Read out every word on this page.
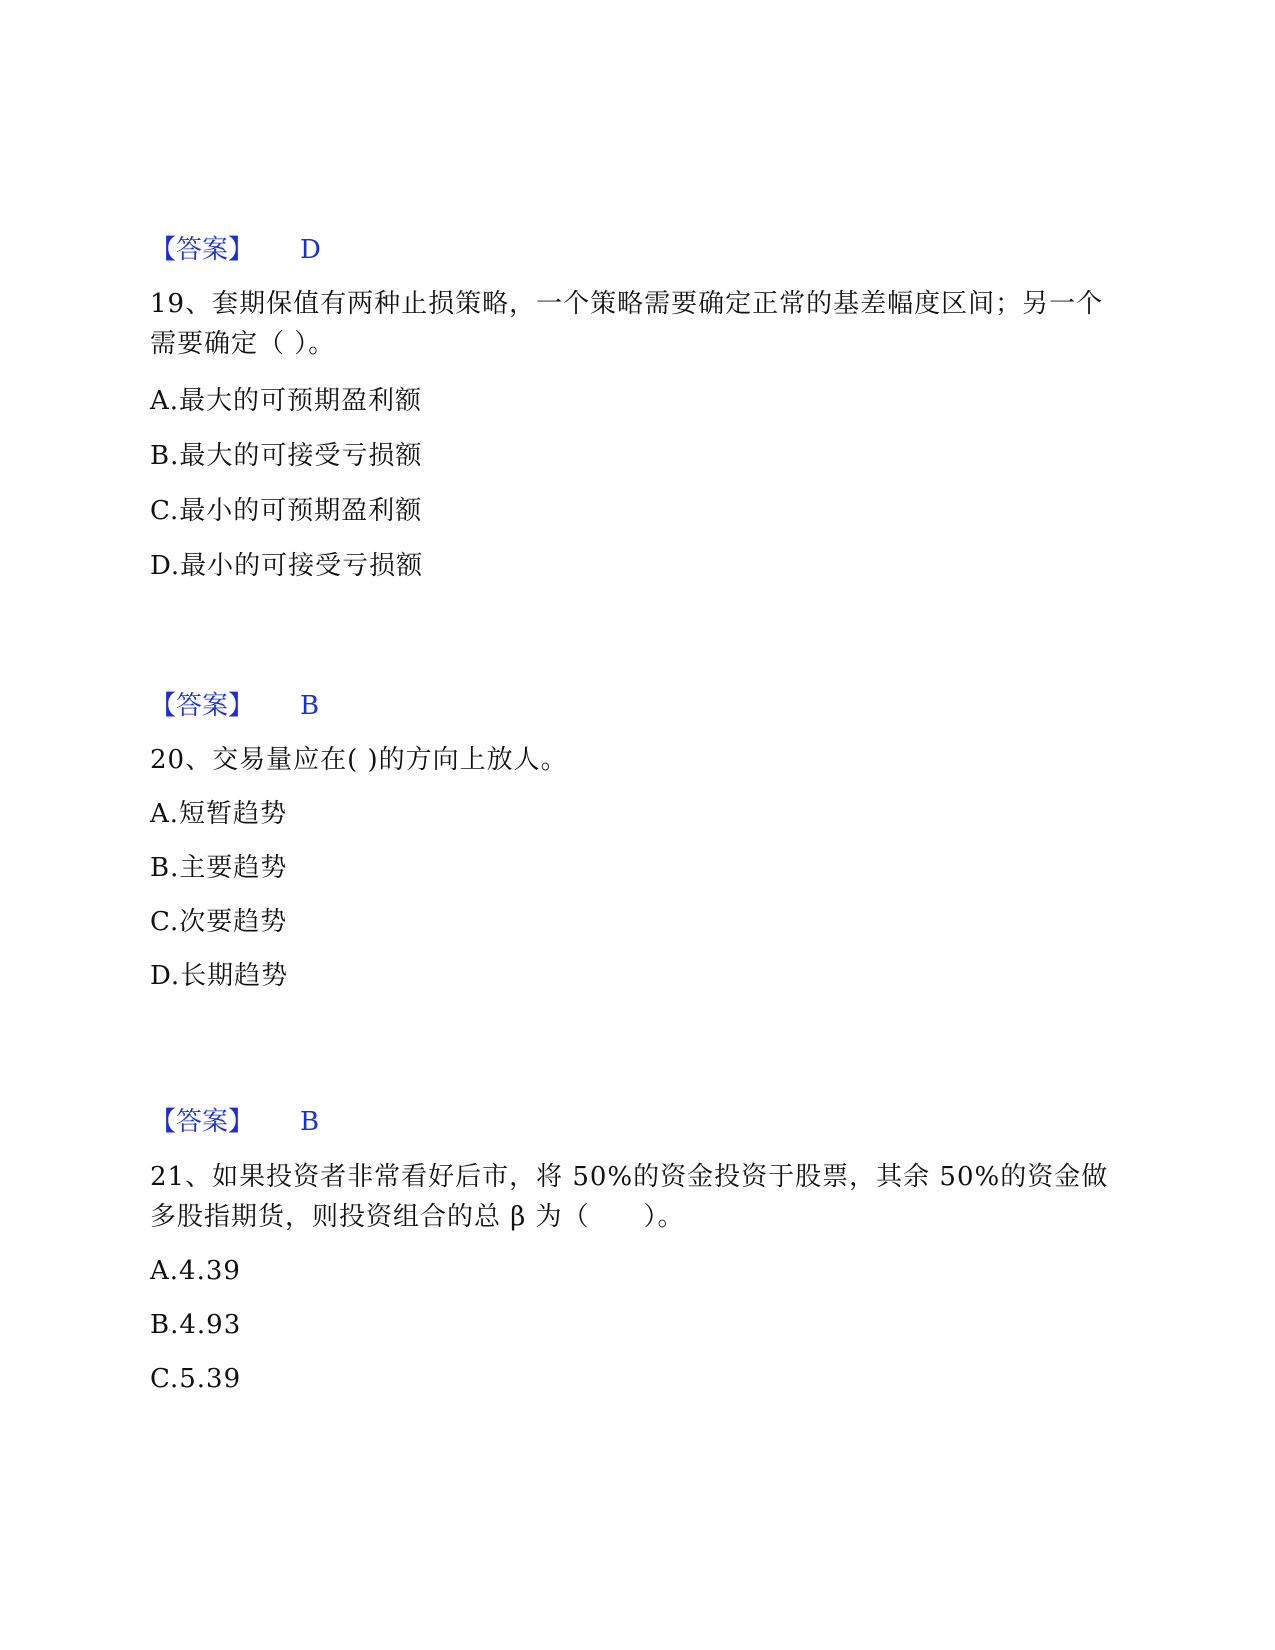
【答案】 D
19、套期保值有两种止损策略，一个策略需要确定正常的基差幅度区间；另一个需要确定（ ）。
A.最大的可预期盈利额
B.最大的可接受亏损额
C.最小的可预期盈利额
D.最小的可接受亏损额
【答案】 B
20、交易量应在( )的方向上放人。
A.短暂趋势
B.主要趋势
C.次要趋势
D.长期趋势
【答案】 B
21、如果投资者非常看好后市，将 50%的资金投资于股票，其余 50%的资金做多股指期货，则投资组合的总 β 为（　　）。
A.4.39
B.4.93
C.5.39
